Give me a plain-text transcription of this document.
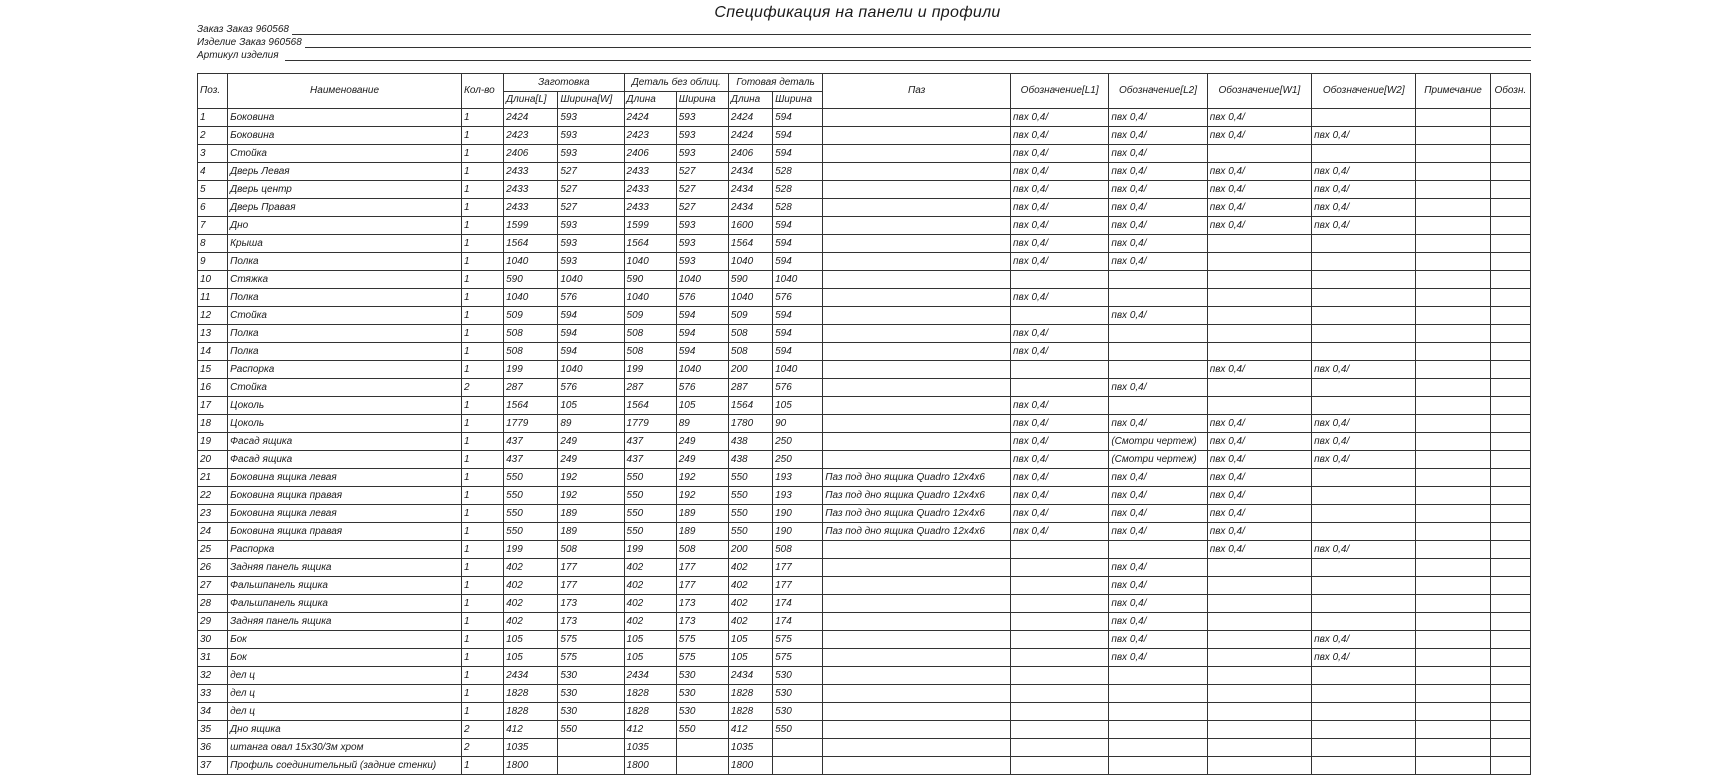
Спецификация на панели и профили
Заказ Заказ 960568
Изделие Заказ 960568
Артикул изделия
Поз.	Наименование	Кол-во	Заготовка		Деталь без облиц.		Готовая деталь		Паз	Обозначение[L1]	Обозначение[L2]	Обозначение[W1]	Обозначение[W2]	Примечание	Обозн.
			Длина[L]	Ширина[W]	Длина	Ширина	Длина	Ширина							
1	Боковина	1	2424	593	2424	593	2424	594		пвх 0,4/	пвх 0,4/	пвх 0,4/			
2	Боковина	1	2423	593	2423	593	2424	594		пвх 0,4/	пвх 0,4/	пвх 0,4/	пвх 0,4/		
3	Стойка	1	2406	593	2406	593	2406	594		пвх 0,4/	пвх 0,4/				
4	Дверь Левая	1	2433	527	2433	527	2434	528		пвх 0,4/	пвх 0,4/	пвх 0,4/	пвх 0,4/		
5	Дверь центр	1	2433	527	2433	527	2434	528		пвх 0,4/	пвх 0,4/	пвх 0,4/	пвх 0,4/		
6	Дверь Правая	1	2433	527	2433	527	2434	528		пвх 0,4/	пвх 0,4/	пвх 0,4/	пвх 0,4/		
7	Дно	1	1599	593	1599	593	1600	594		пвх 0,4/	пвх 0,4/	пвх 0,4/	пвх 0,4/		
8	Крыша	1	1564	593	1564	593	1564	594		пвх 0,4/	пвх 0,4/				
9	Полка	1	1040	593	1040	593	1040	594		пвх 0,4/	пвх 0,4/				
10	Стяжка	1	590	1040	590	1040	590	1040							
11	Полка	1	1040	576	1040	576	1040	576		пвх 0,4/					
12	Стойка	1	509	594	509	594	509	594			пвх 0,4/				
13	Полка	1	508	594	508	594	508	594		пвх 0,4/					
14	Полка	1	508	594	508	594	508	594		пвх 0,4/					
15	Распорка	1	199	1040	199	1040	200	1040				пвх 0,4/	пвх 0,4/		
16	Стойка	2	287	576	287	576	287	576			пвх 0,4/				
17	Цоколь	1	1564	105	1564	105	1564	105		пвх 0,4/					
18	Цоколь	1	1779	89	1779	89	1780	90		пвх 0,4/	пвх 0,4/	пвх 0,4/	пвх 0,4/		
19	Фасад ящика	1	437	249	437	249	438	250		пвх 0,4/	(Смотри чертеж)	пвх 0,4/	пвх 0,4/		
20	Фасад ящика	1	437	249	437	249	438	250		пвх 0,4/	(Смотри чертеж)	пвх 0,4/	пвх 0,4/		
21	Боковина ящика левая	1	550	192	550	192	550	193	Паз под дно ящика Quadro 12х4х6	пвх 0,4/	пвх 0,4/	пвх 0,4/			
22	Боковина ящика правая	1	550	192	550	192	550	193	Паз под дно ящика Quadro 12х4х6	пвх 0,4/	пвх 0,4/	пвх 0,4/			
23	Боковина ящика левая	1	550	189	550	189	550	190	Паз под дно ящика Quadro 12х4х6	пвх 0,4/	пвх 0,4/	пвх 0,4/			
24	Боковина ящика правая	1	550	189	550	189	550	190	Паз под дно ящика Quadro 12х4х6	пвх 0,4/	пвх 0,4/	пвх 0,4/			
25	Распорка	1	199	508	199	508	200	508				пвх 0,4/	пвх 0,4/		
26	Задняя панель ящика	1	402	177	402	177	402	177			пвх 0,4/				
27	Фальшпанель ящика	1	402	177	402	177	402	177			пвх 0,4/				
28	Фальшпанель ящика	1	402	173	402	173	402	174			пвх 0,4/				
29	Задняя панель ящика	1	402	173	402	173	402	174			пвх 0,4/				
30	Бок	1	105	575	105	575	105	575			пвх 0,4/		пвх 0,4/		
31	Бок	1	105	575	105	575	105	575			пвх 0,4/		пвх 0,4/		
32	дел ц	1	2434	530	2434	530	2434	530							
33	дел ц	1	1828	530	1828	530	1828	530							
34	дел ц	1	1828	530	1828	530	1828	530							
35	Дно ящика	2	412	550	412	550	412	550							
36	штанга овал 15х30/3м хром	2	1035		1035		1035								
37	Профиль соединительный (задние стенки)	1	1800		1800		1800								
